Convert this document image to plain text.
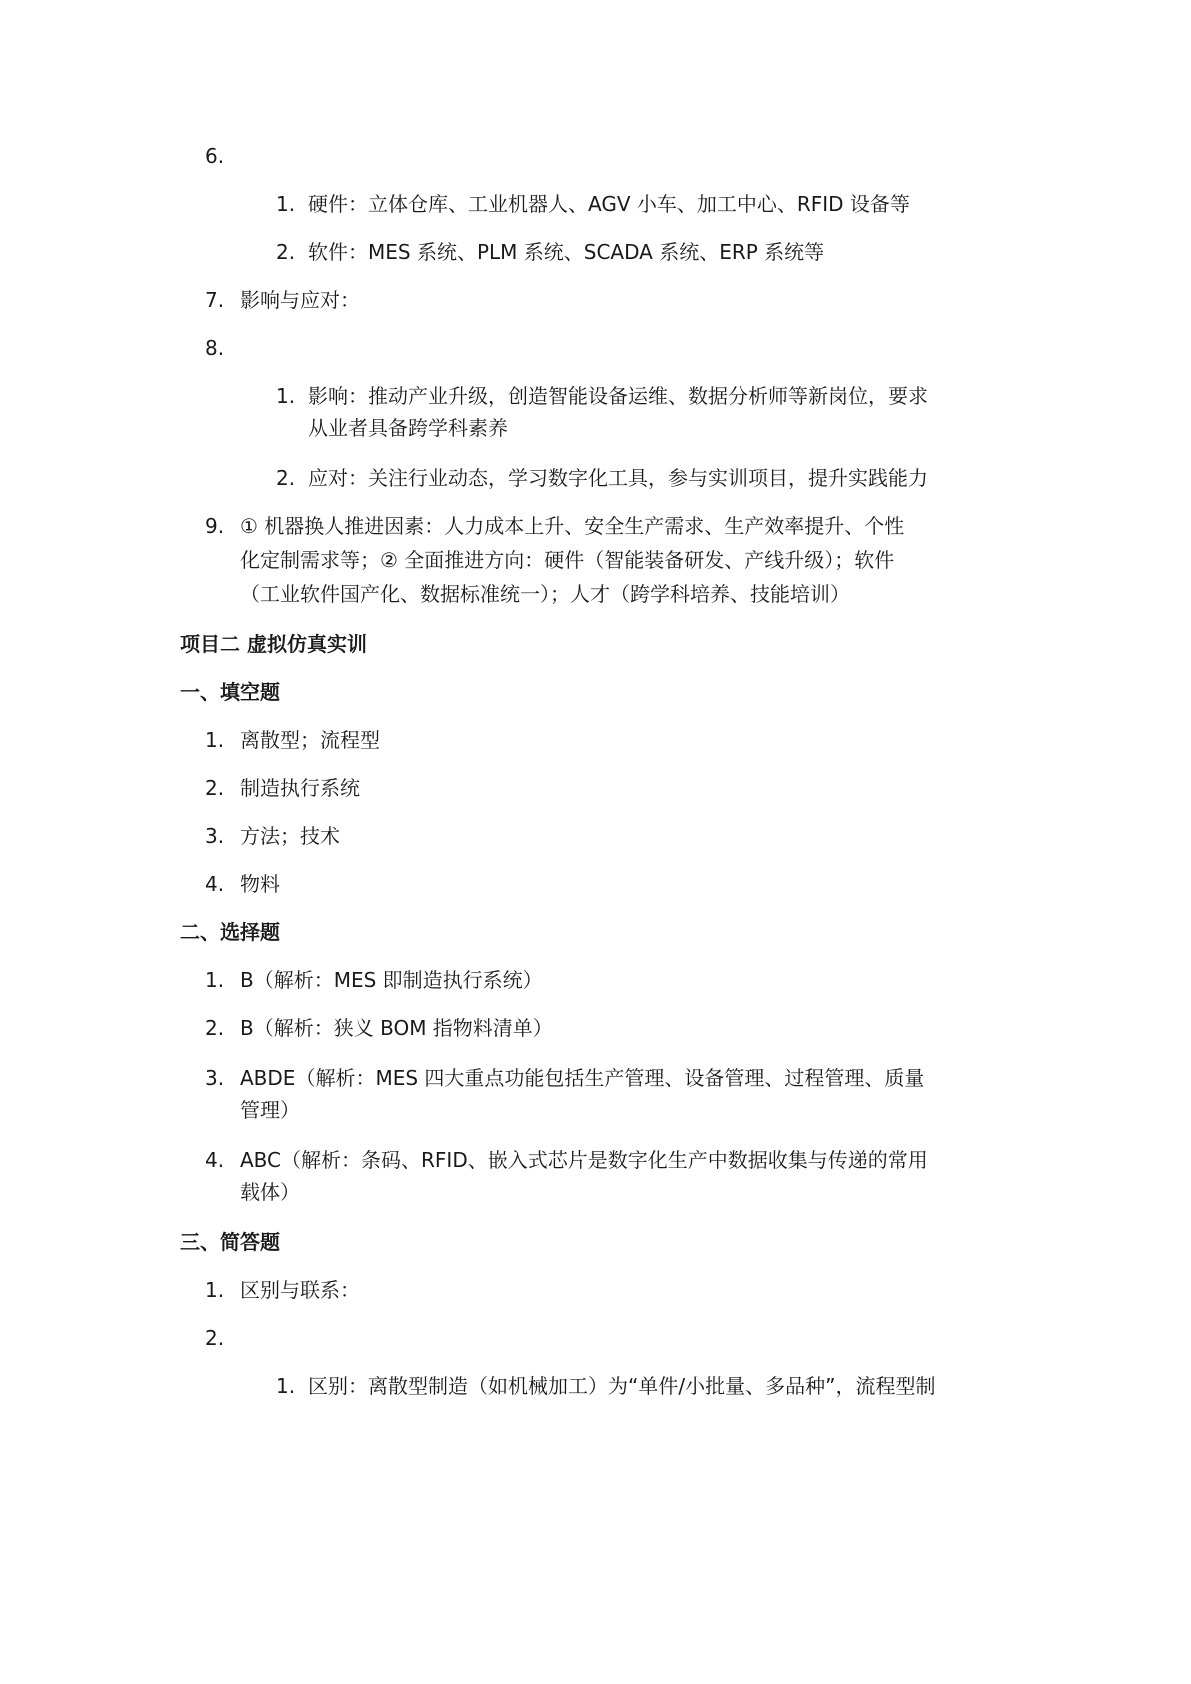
6.
1. 硬件：立体仓库、工业机器人、AGV 小车、加工中心、RFID 设备等
2. 软件：MES 系统、PLM 系统、SCADA 系统、ERP 系统等
7. 影响与应对：
8.
1. 影响：推动产业升级，创造智能设备运维、数据分析师等新岗位，要求
从业者具备跨学科素养
2. 应对：关注行业动态，学习数字化工具，参与实训项目，提升实践能力
9. ① 机器换人推进因素：人力成本上升、安全生产需求、生产效率提升、个性
化定制需求等；② 全面推进方向：硬件（智能装备研发、产线升级）；软件
（工业软件国产化、数据标准统一）；人才（跨学科培养、技能培训）
项目二 虚拟仿真实训
一、填空题
1. 离散型；流程型
2. 制造执行系统
3. 方法；技术
4. 物料
二、选择题
1. B（解析：MES 即制造执行系统）
2. B（解析：狭义 BOM 指物料清单）
3. ABDE（解析：MES 四大重点功能包括生产管理、设备管理、过程管理、质量
管理）
4. ABC（解析：条码、RFID、嵌入式芯片是数字化生产中数据收集与传递的常用
载体）
三、简答题
1. 区别与联系：
2.
1. 区别：离散型制造（如机械加工）为“单件/小批量、多品种”，流程型制
